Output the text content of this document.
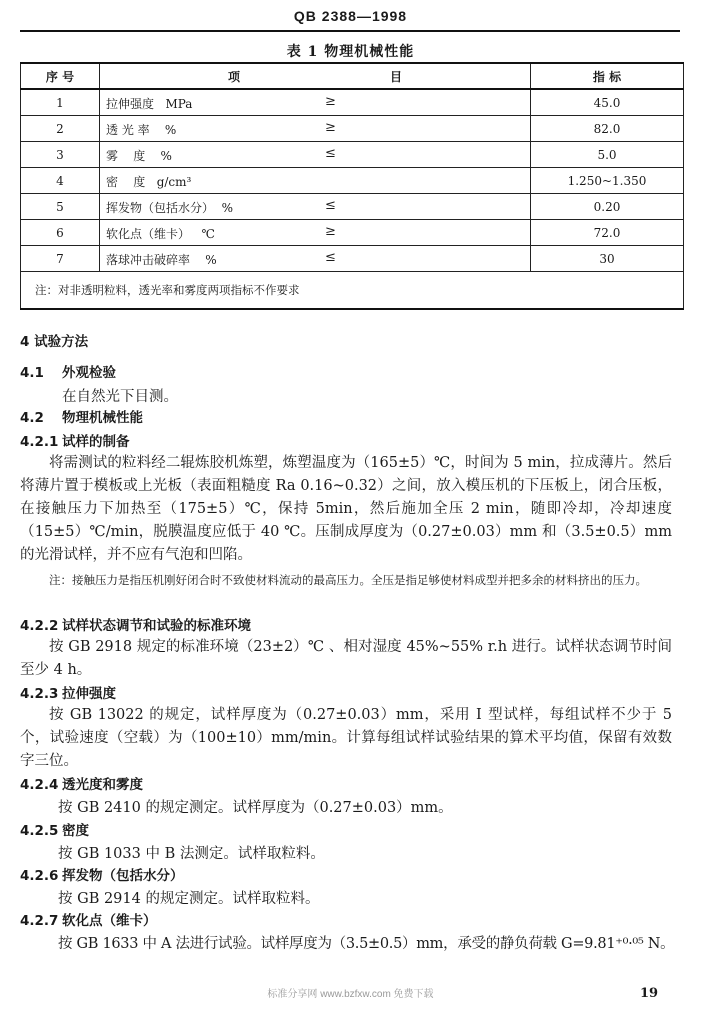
QB 2388—1998
表 1 物理机械性能
序 号	项 目	指 标
1	拉伸强度   MPa ≥	45.0
2	透 光 率    % ≥	82.0
3	雾    度    % ≤	5.0
4	密    度   g/cm³	1.250~1.350
5	挥发物（包括水分）  % ≤	0.20
6	软化点（维卡）   ℃ ≥	72.0
7	落球冲击破碎率    % ≤	30
注：对非透明粒料，透光率和雾度两项指标不作要求		
4 试验方法
4.1 外观检验
在自然光下目测。
4.2 物理机械性能
4.2.1 试样的制备
将需测试的粒料经二辊炼胶机炼塑，炼塑温度为（165±5）℃，时间为 5 min，拉成薄片。然后将薄片置于模板或上光板（表面粗糙度 Ra 0.16~0.32）之间，放入模压机的下压板上，闭合压板，在接触压力下加热至（175±5）℃，保持 5min，然后施加全压 2 min，随即冷却，冷却速度（15±5）℃/min，脱膜温度应低于 40 ℃。压制成厚度为（0.27±0.03）mm 和（3.5±0.5）mm 的光滑试样，并不应有气泡和凹陷。
注：接触压力是指压机刚好闭合时不致使材料流动的最高压力。全压是指足够使材料成型并把多余的材料挤出的压力。
4.2.2 试样状态调节和试验的标准环境
按 GB 2918 规定的标准环境（23±2）℃ 、相对湿度 45%~55% r.h 进行。试样状态调节时间至少 4 h。
4.2.3 拉伸强度
按 GB 13022 的规定，试样厚度为（0.27±0.03）mm，采用 Ⅰ 型试样，每组试样不少于 5 个，试验速度（空载）为（100±10）mm/min。计算每组试样试验结果的算术平均值，保留有效数字三位。
4.2.4 透光度和雾度
按 GB 2410 的规定测定。试样厚度为（0.27±0.03）mm。
4.2.5 密度
按 GB 1033 中 B 法测定。试样取粒料。
4.2.6 挥发物（包括水分）
按 GB 2914 的规定测定。试样取粒料。
4.2.7 软化点（维卡）
按 GB 1633 中 A 法进行试验。试样厚度为（3.5±0.5）mm，承受的静负荷载 G=9.81⁺⁰·⁰⁵ N。
标准分享网 www.bzfxw.com 免费下载	19
